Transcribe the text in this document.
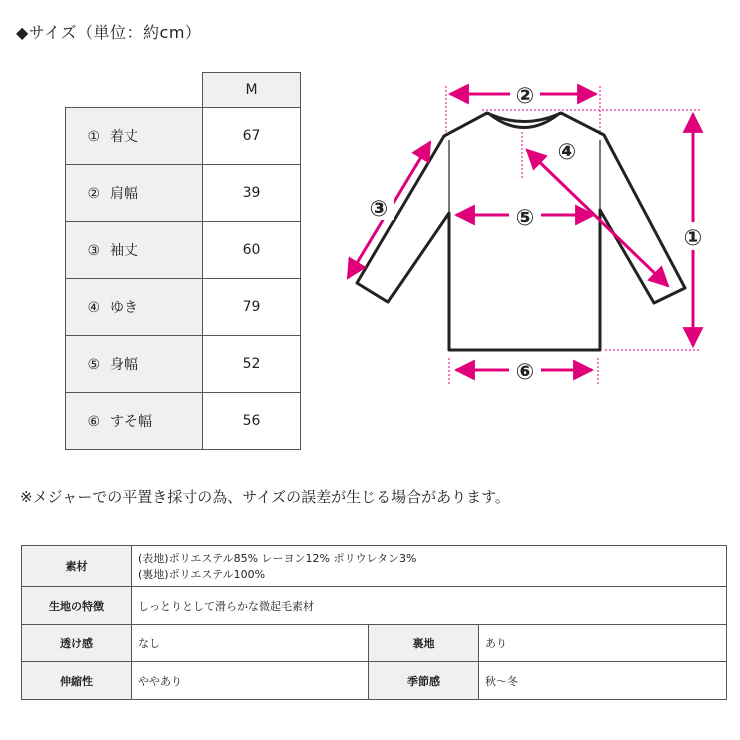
◆サイズ（単位：約cm）
	M
① 着丈	67
② 肩幅	39
③ 袖丈	60
④ ゆき	79
⑤ 身幅	52
⑥ すそ幅	56
②
④
③	⑤
①
⑥
※メジャーでの平置き採寸の為、サイズの誤差が生じる場合があります。
素材	(表地)ポリエステル85% レーヨン12% ポリウレタン3%
(裏地)ポリエステル100%		

生地の特徴	しっとりとして滑らかな微起毛素材		
透け感	なし	裏地	あり
伸縮性	ややあり	季節感	秋〜冬
